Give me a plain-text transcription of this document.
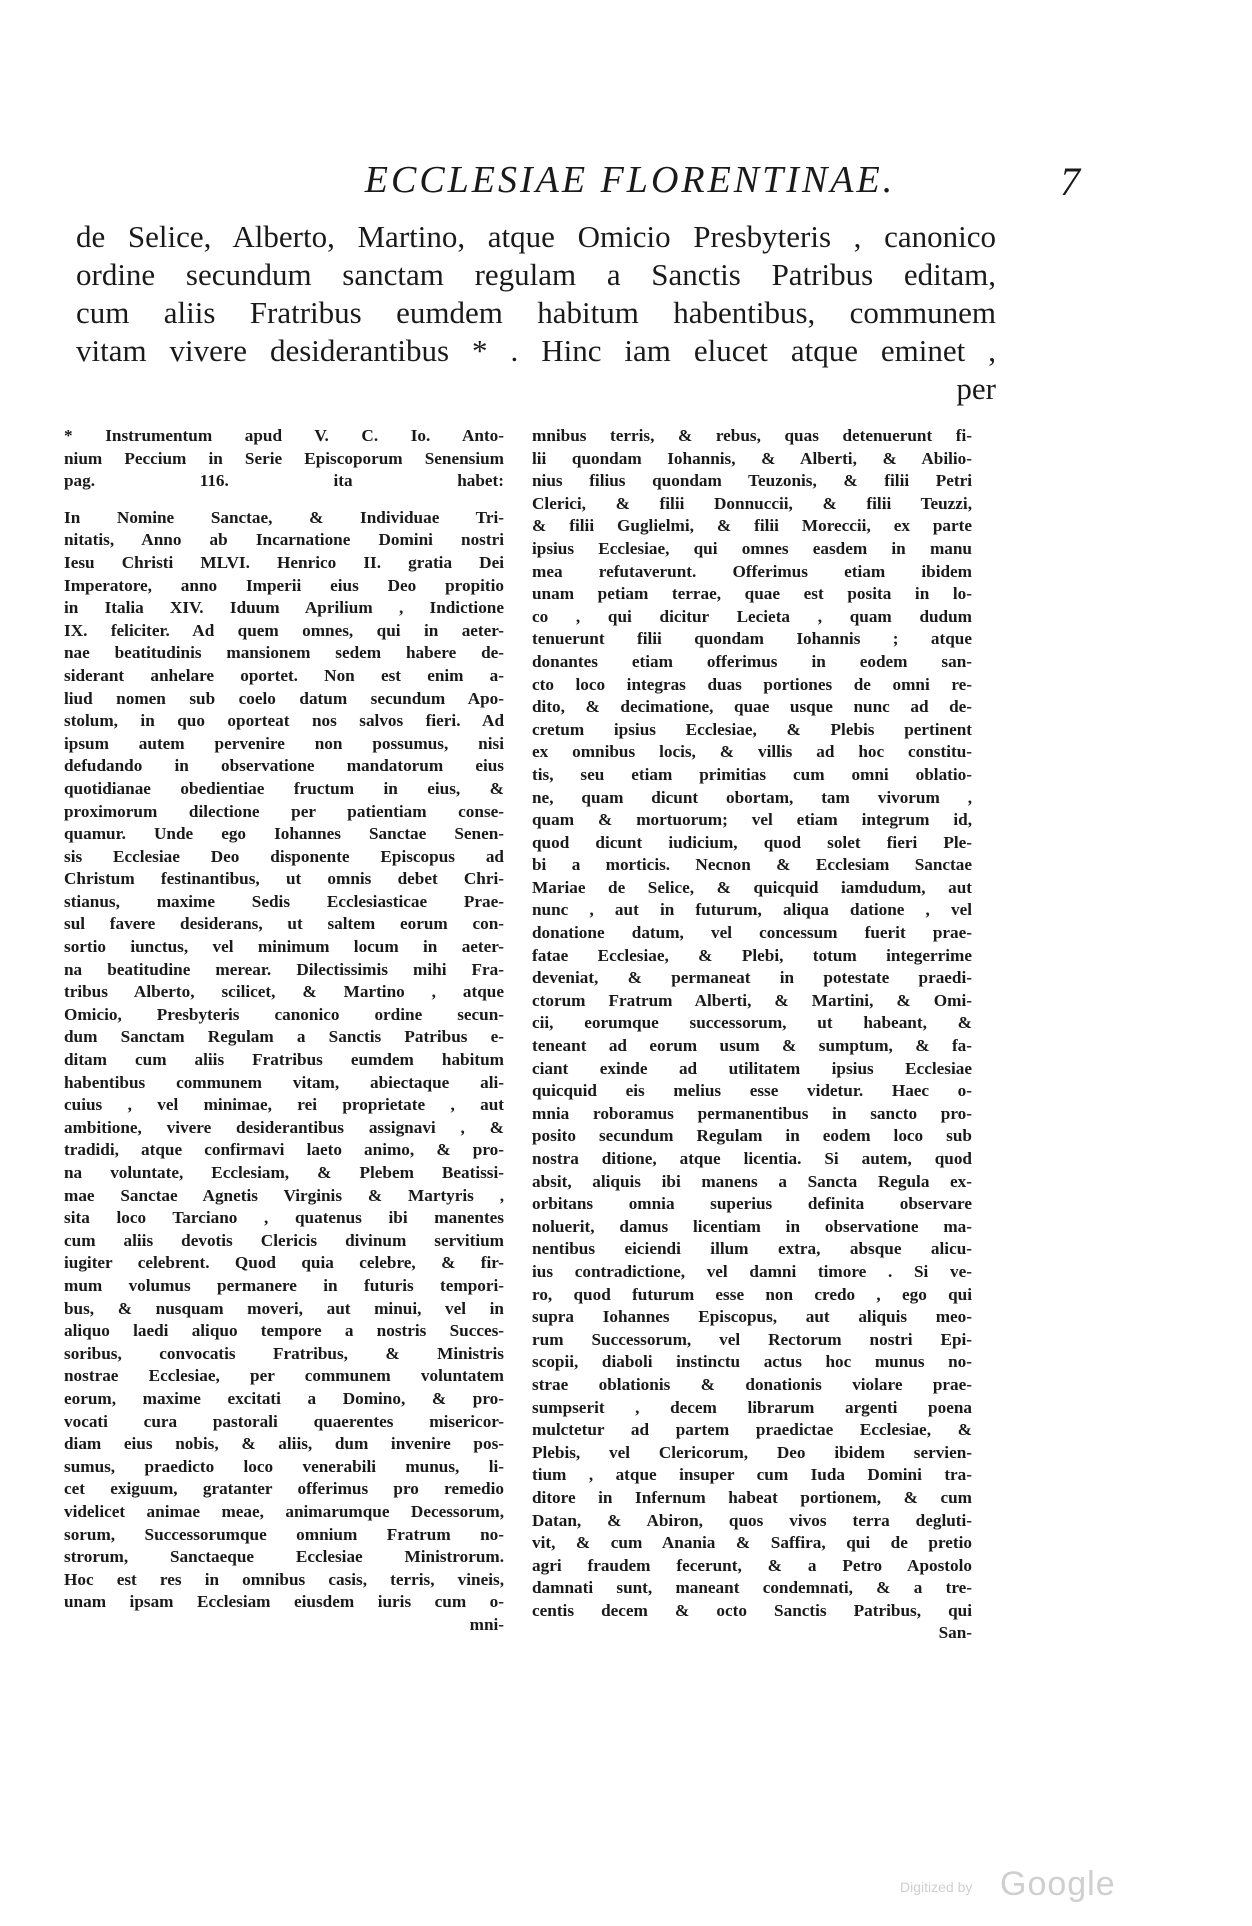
ECCLESIAE FLORENTINAE.	7
de Selice, Alberto, Martino, atque Omicio Presbyteris , canonico
ordine secundum sanctam regulam a Sanctis Patribus editam,
cum aliis Fratribus eumdem habitum habentibus, communem
vitam vivere desiderantibus * . Hinc iam elucet atque eminet ,
per
* Instrumentum apud V. C. Io. Anto-
nium Peccium in Serie Episcoporum Senensium
pag. 116. ita habet:
In Nomine Sanctae, & Individuae Tri-
nitatis, Anno ab Incarnatione Domini nostri
Iesu Christi MLVI. Henrico II. gratia Dei
Imperatore, anno Imperii eius Deo propitio
in Italia XIV. Iduum Aprilium , Indictione
IX. feliciter. Ad quem omnes, qui in aeter-
nae beatitudinis mansionem sedem habere de-
siderant anhelare oportet. Non est enim a-
liud nomen sub coelo datum secundum Apo-
stolum, in quo oporteat nos salvos fieri. Ad
ipsum autem pervenire non possumus, nisi
defudando in observatione mandatorum eius
quotidianae obedientiae fructum in eius, &
proximorum dilectione per patientiam conse-
quamur. Unde ego Iohannes Sanctae Senen-
sis Ecclesiae Deo disponente Episcopus ad
Christum festinantibus, ut omnis debet Chri-
stianus, maxime Sedis Ecclesiasticae Prae-
sul favere desiderans, ut saltem eorum con-
sortio iunctus, vel minimum locum in aeter-
na beatitudine merear. Dilectissimis mihi Fra-
tribus Alberto, scilicet, & Martino , atque
Omicio, Presbyteris canonico ordine secun-
dum Sanctam Regulam a Sanctis Patribus e-
ditam cum aliis Fratribus eumdem habitum
habentibus communem vitam, abiectaque ali-
cuius , vel minimae, rei proprietate , aut
ambitione, vivere desiderantibus assignavi , &
tradidi, atque confirmavi laeto animo, & pro-
na voluntate, Ecclesiam, & Plebem Beatissi-
mae Sanctae Agnetis Virginis & Martyris ,
sita loco Tarciano , quatenus ibi manentes
cum aliis devotis Clericis divinum servitium
iugiter celebrent. Quod quia celebre, & fir-
mum volumus permanere in futuris tempori-
bus, & nusquam moveri, aut minui, vel in
aliquo laedi aliquo tempore a nostris Succes-
soribus, convocatis Fratribus, & Ministris
nostrae Ecclesiae, per communem voluntatem
eorum, maxime excitati a Domino, & pro-
vocati cura pastorali quaerentes misericor-
diam eius nobis, & aliis, dum invenire pos-
sumus, praedicto loco venerabili munus, li-
cet exiguum, gratanter offerimus pro remedio
videlicet animae meae, animarumque Decessorum,
sorum, Successorumque omnium Fratrum no-
strorum, Sanctaeque Ecclesiae Ministrorum.
Hoc est res in omnibus casis, terris, vineis,
unam ipsam Ecclesiam eiusdem iuris cum o-
mni-
mnibus terris, & rebus, quas detenuerunt fi-
lii quondam Iohannis, & Alberti, & Abilio-
nius filius quondam Teuzonis, & filii Petri
Clerici, & filii Donnuccii, & filii Teuzzi,
& filii Guglielmi, & filii Moreccii, ex parte
ipsius Ecclesiae, qui omnes easdem in manu
mea refutaverunt. Offerimus etiam ibidem
unam petiam terrae, quae est posita in lo-
co , qui dicitur Lecieta , quam dudum
tenuerunt filii quondam Iohannis ; atque
donantes etiam offerimus in eodem san-
cto loco integras duas portiones de omni re-
dito, & decimatione, quae usque nunc ad de-
cretum ipsius Ecclesiae, & Plebis pertinent
ex omnibus locis, & villis ad hoc constitu-
tis, seu etiam primitias cum omni oblatio-
ne, quam dicunt obortam, tam vivorum ,
quam & mortuorum; vel etiam integrum id,
quod dicunt iudicium, quod solet fieri Ple-
bi a morticis. Necnon & Ecclesiam Sanctae
Mariae de Selice, & quicquid iamdudum, aut
nunc , aut in futurum, aliqua datione , vel
donatione datum, vel concessum fuerit prae-
fatae Ecclesiae, & Plebi, totum integerrime
deveniat, & permaneat in potestate praedi-
ctorum Fratrum Alberti, & Martini, & Omi-
cii, eorumque successorum, ut habeant, &
teneant ad eorum usum & sumptum, & fa-
ciant exinde ad utilitatem ipsius Ecclesiae
quicquid eis melius esse videtur. Haec o-
mnia roboramus permanentibus in sancto pro-
posito secundum Regulam in eodem loco sub
nostra ditione, atque licentia. Si autem, quod
absit, aliquis ibi manens a Sancta Regula ex-
orbitans omnia superius definita observare
noluerit, damus licentiam in observatione ma-
nentibus eiciendi illum extra, absque alicu-
ius contradictione, vel damni timore . Si ve-
ro, quod futurum esse non credo , ego qui
supra Iohannes Episcopus, aut aliquis meo-
rum Successorum, vel Rectorum nostri Epi-
scopii, diaboli instinctu actus hoc munus no-
strae oblationis & donationis violare prae-
sumpserit , decem librarum argenti poena
mulctetur ad partem praedictae Ecclesiae, &
Plebis, vel Clericorum, Deo ibidem servien-
tium , atque insuper cum Iuda Domini tra-
ditore in Infernum habeat portionem, & cum
Datan, & Abiron, quos vivos terra degluti-
vit, & cum Anania & Saffira, qui de pretio
agri fraudem fecerunt, & a Petro Apostolo
damnati sunt, maneant condemnati, & a tre-
centis decem & octo Sanctis Patribus, qui
San-
Digitized by Google
